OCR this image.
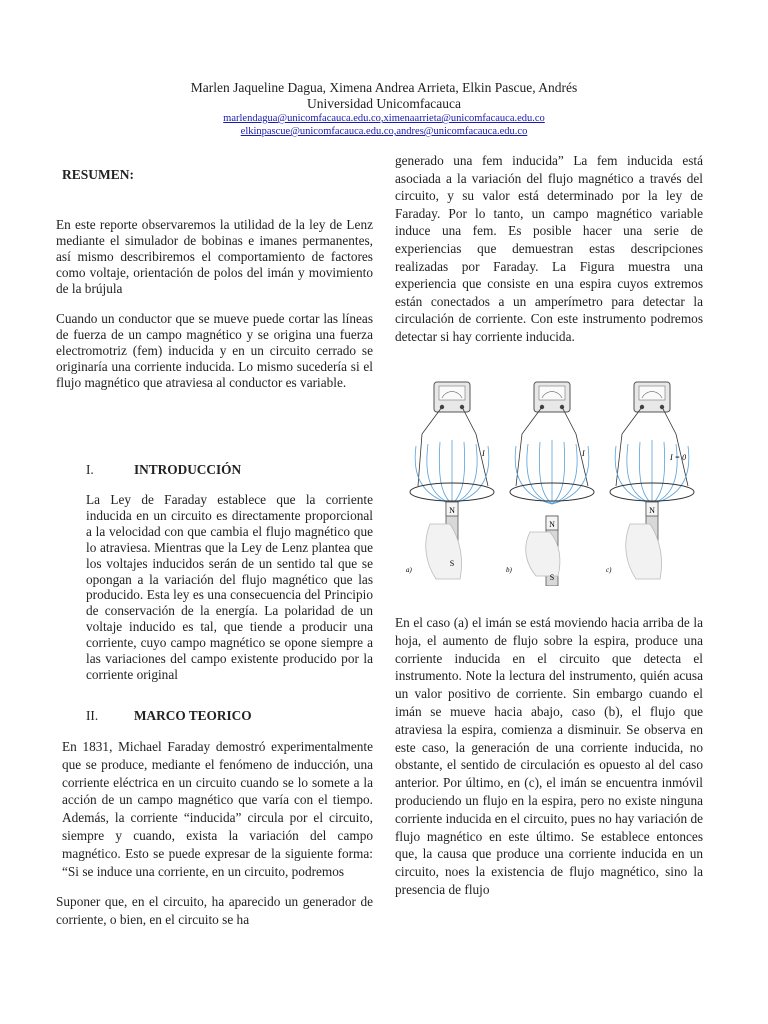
Marlen Jaqueline Dagua, Ximena Andrea Arrieta, Elkin Pascue, Andrés
Universidad Unicomfacauca
marlendagua@unicomfacauca.edu.co,ximenaarrieta@unicomfacauca.edu.co
elkinpascue@unicomfacauca.edu.co,andres@unicomfacauca.edu.co
RESUMEN:

En este reporte observaremos la utilidad de la ley de Lenz mediante el simulador de bobinas e imanes permanentes, así mismo describiremos el comportamiento de factores como voltaje, orientación de polos del imán y movimiento de la brújula

Cuando un conductor que se mueve puede cortar las líneas de fuerza de un campo magnético y se origina una fuerza electromotriz (fem) inducida y en un circuito cerrado se originaría una corriente inducida. Lo mismo sucedería si el flujo magnético que atraviesa al conductor es variable.

I.	INTRODUCCIÓN

La Ley de Faraday establece que la corriente inducida en un circuito es directamente proporcional a la velocidad con que cambia el flujo magnético que lo atraviesa. Mientras que la Ley de Lenz plantea que los voltajes inducidos serán de un sentido tal que se opongan a la variación del flujo magnético que las producido. Esta ley es una consecuencia del Principio de conservación de la energía. La polaridad de un voltaje inducido es tal, que tiende a producir una corriente, cuyo campo magnético se opone siempre a las variaciones del campo existente producido por la corriente original

II.	MARCO TEORICO

En 1831, Michael Faraday demostró experimentalmente que se produce, mediante el fenómeno de inducción, una corriente eléctrica en un circuito cuando se lo somete a la acción de un campo magnético que varía con el tiempo. Además, la corriente “inducida” circula por el circuito, siempre y cuando, exista la variación del campo magnético. Esto se puede expresar de la siguiente forma: “Si se induce una corriente, en un circuito, podremos

Suponer que, en el circuito, ha aparecido un generador de corriente, o bien, en el circuito se ha

generado una fem inducida” La fem inducida está asociada a la variación del flujo magnético a través del circuito, y su valor está determinado por la ley de Faraday. Por lo tanto, un campo magnético variable induce una fem. Es posible hacer una serie de experiencias que demuestran estas descripciones realizadas por Faraday. La Figura muestra una experiencia que consiste en una espira cuyos extremos están conectados a un amperímetro para detectar la circulación de corriente. Con este instrumento podremos detectar si hay corriente inducida.

N
S
I
a)
N
S
I
b)
N
I = 0
c)

En el caso (a) el imán se está moviendo hacia arriba de la hoja, el aumento de flujo sobre la espira, produce una corriente inducida en el circuito que detecta el instrumento. Note la lectura del instrumento, quién acusa un valor positivo de corriente. Sin embargo cuando el imán se mueve hacia abajo, caso (b), el flujo que atraviesa la espira, comienza a disminuir. Se observa en este caso, la generación de una corriente inducida, no obstante, el sentido de circulación es opuesto al del caso anterior. Por último, en (c), el imán se encuentra inmóvil produciendo un flujo en la espira, pero no existe ninguna corriente inducida en el circuito, pues no hay variación de flujo magnético en este último. Se establece entonces que, la causa que produce una corriente inducida en un circuito, noes la existencia de flujo magnético, sino la presencia de flujo
